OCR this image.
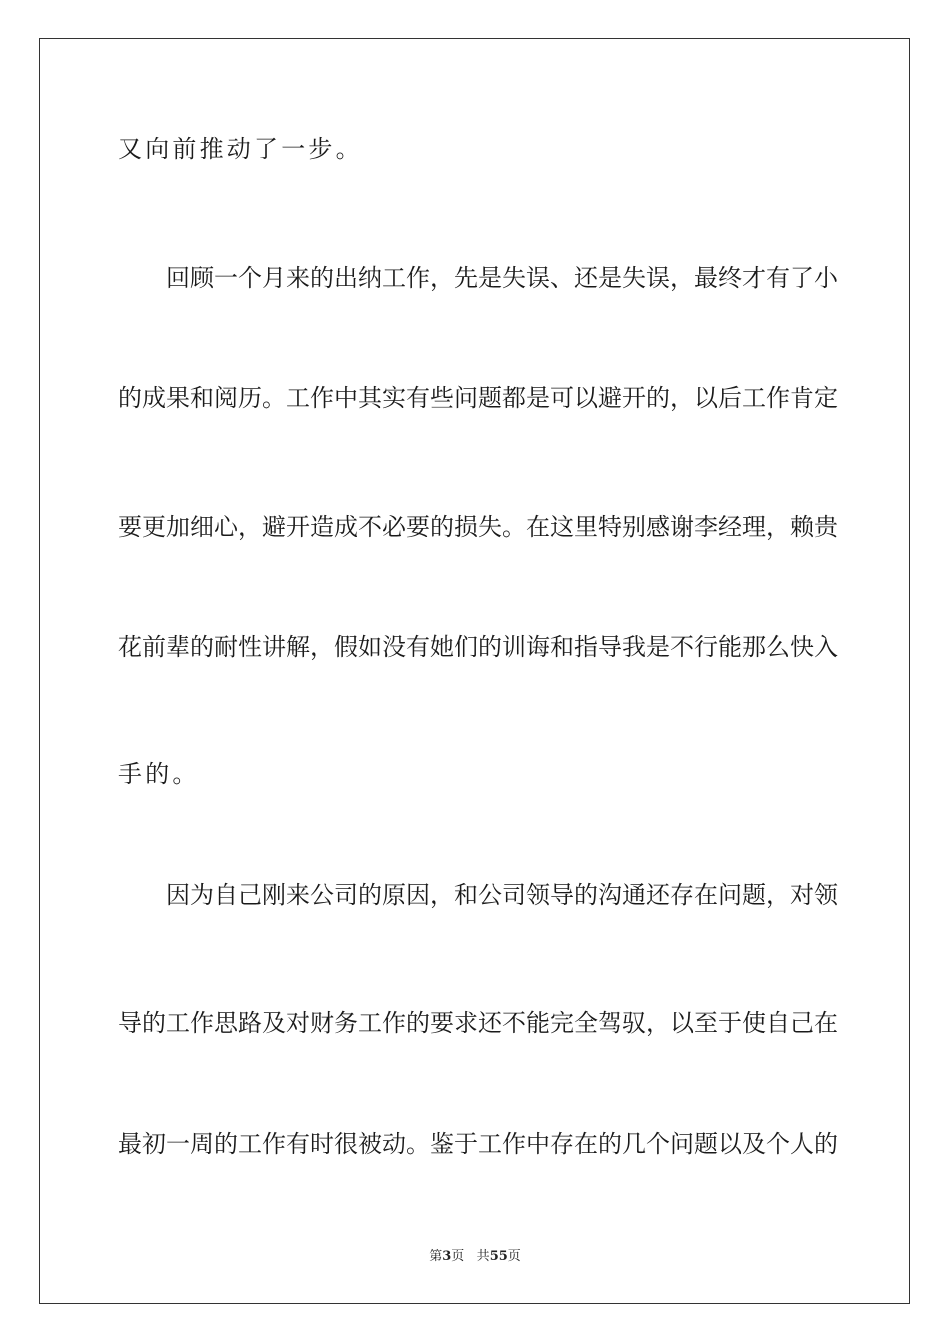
又向前推动了一步。
回顾一个月来的出纳工作，先是失误、还是失误，最终才有了小
的成果和阅历。工作中其实有些问题都是可以避开的，以后工作肯定
要更加细心，避开造成不必要的损失。在这里特别感谢李经理，赖贵
花前辈的耐性讲解，假如没有她们的训诲和指导我是不行能那么快入
手的。
因为自己刚来公司的原因，和公司领导的沟通还存在问题，对领
导的工作思路及对财务工作的要求还不能完全驾驭，以至于使自己在
最初一周的工作有时很被动。鉴于工作中存在的几个问题以及个人的
第3页 共55页
